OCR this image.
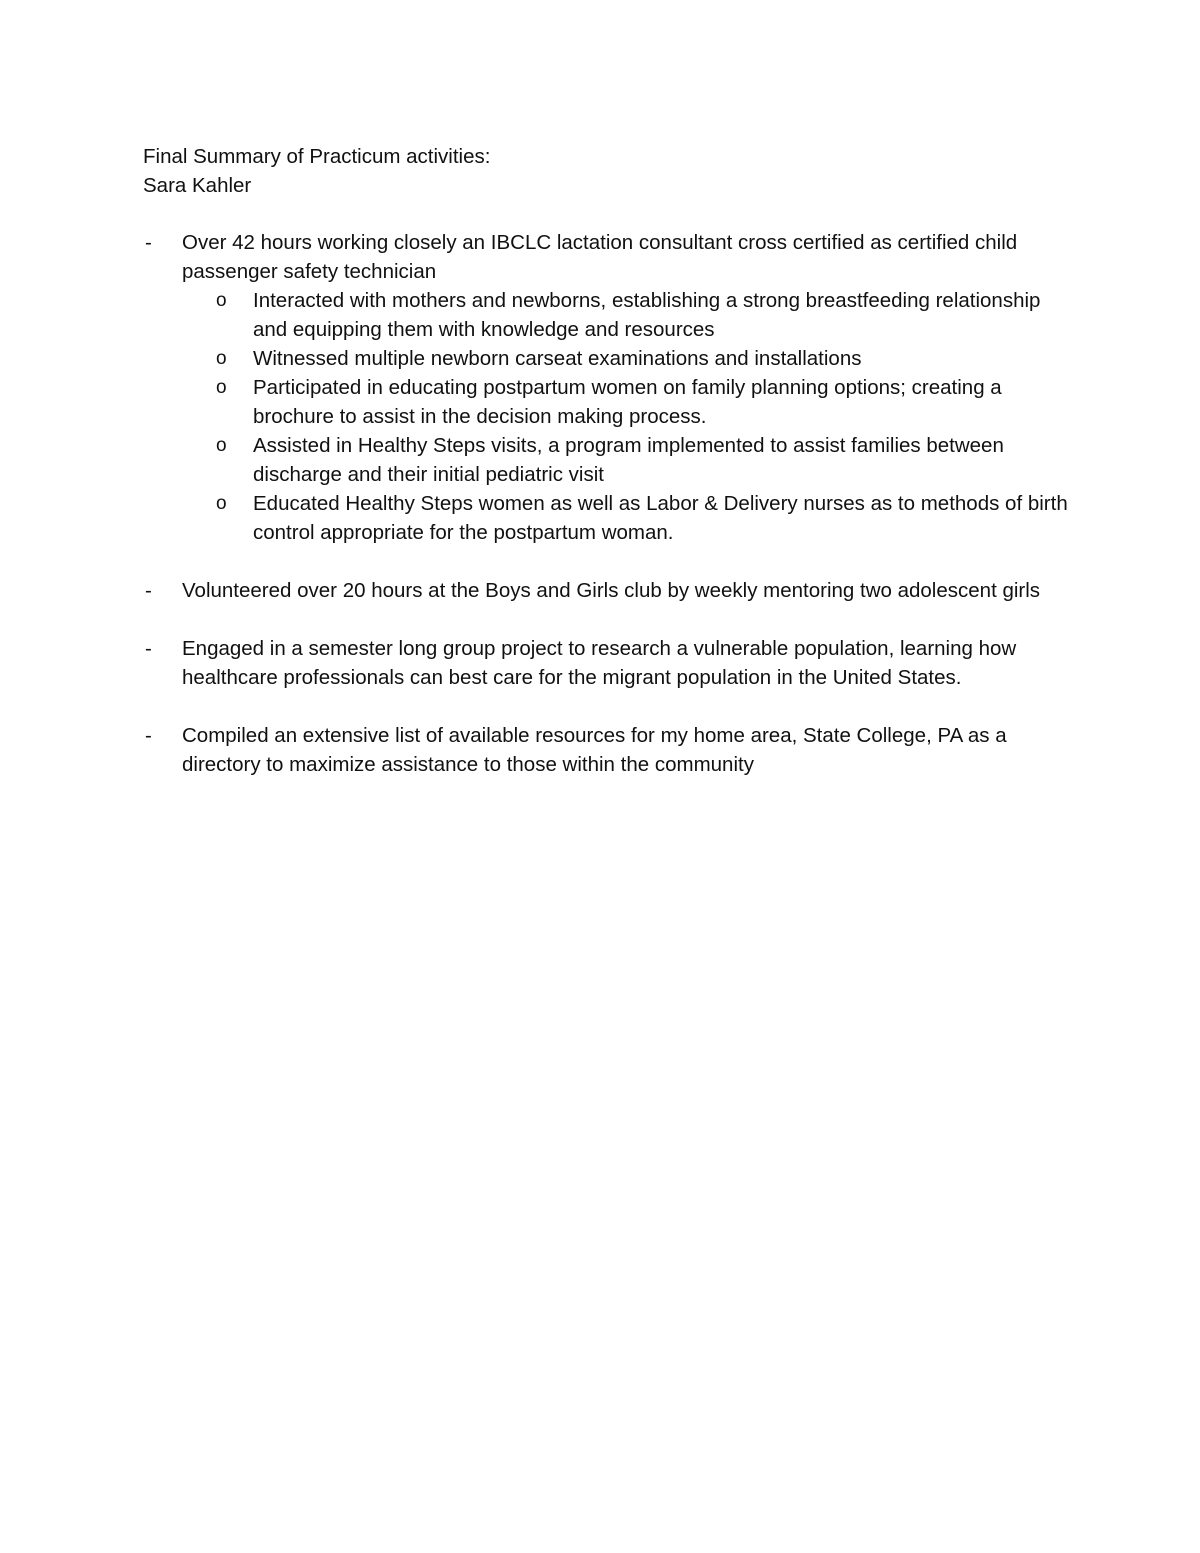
Final Summary of Practicum activities:
Sara Kahler
- Over 42 hours working closely an IBCLC lactation consultant cross certified as certified child passenger safety technician
o Interacted with mothers and newborns, establishing a strong breastfeeding relationship and equipping them with knowledge and resources
o Witnessed multiple newborn carseat examinations and installations
o Participated in educating postpartum women on family planning options; creating a brochure to assist in the decision making process.
o Assisted in Healthy Steps visits, a program implemented to assist families between discharge and their initial pediatric visit
o Educated Healthy Steps women as well as Labor & Delivery nurses as to methods of birth control appropriate for the postpartum woman.
- Volunteered over 20 hours at the Boys and Girls club by weekly mentoring two adolescent girls
- Engaged in a semester long group project to research a vulnerable population, learning how healthcare professionals can best care for the migrant population in the United States.
- Compiled an extensive list of available resources for my home area, State College, PA as a directory to maximize assistance to those within the community
